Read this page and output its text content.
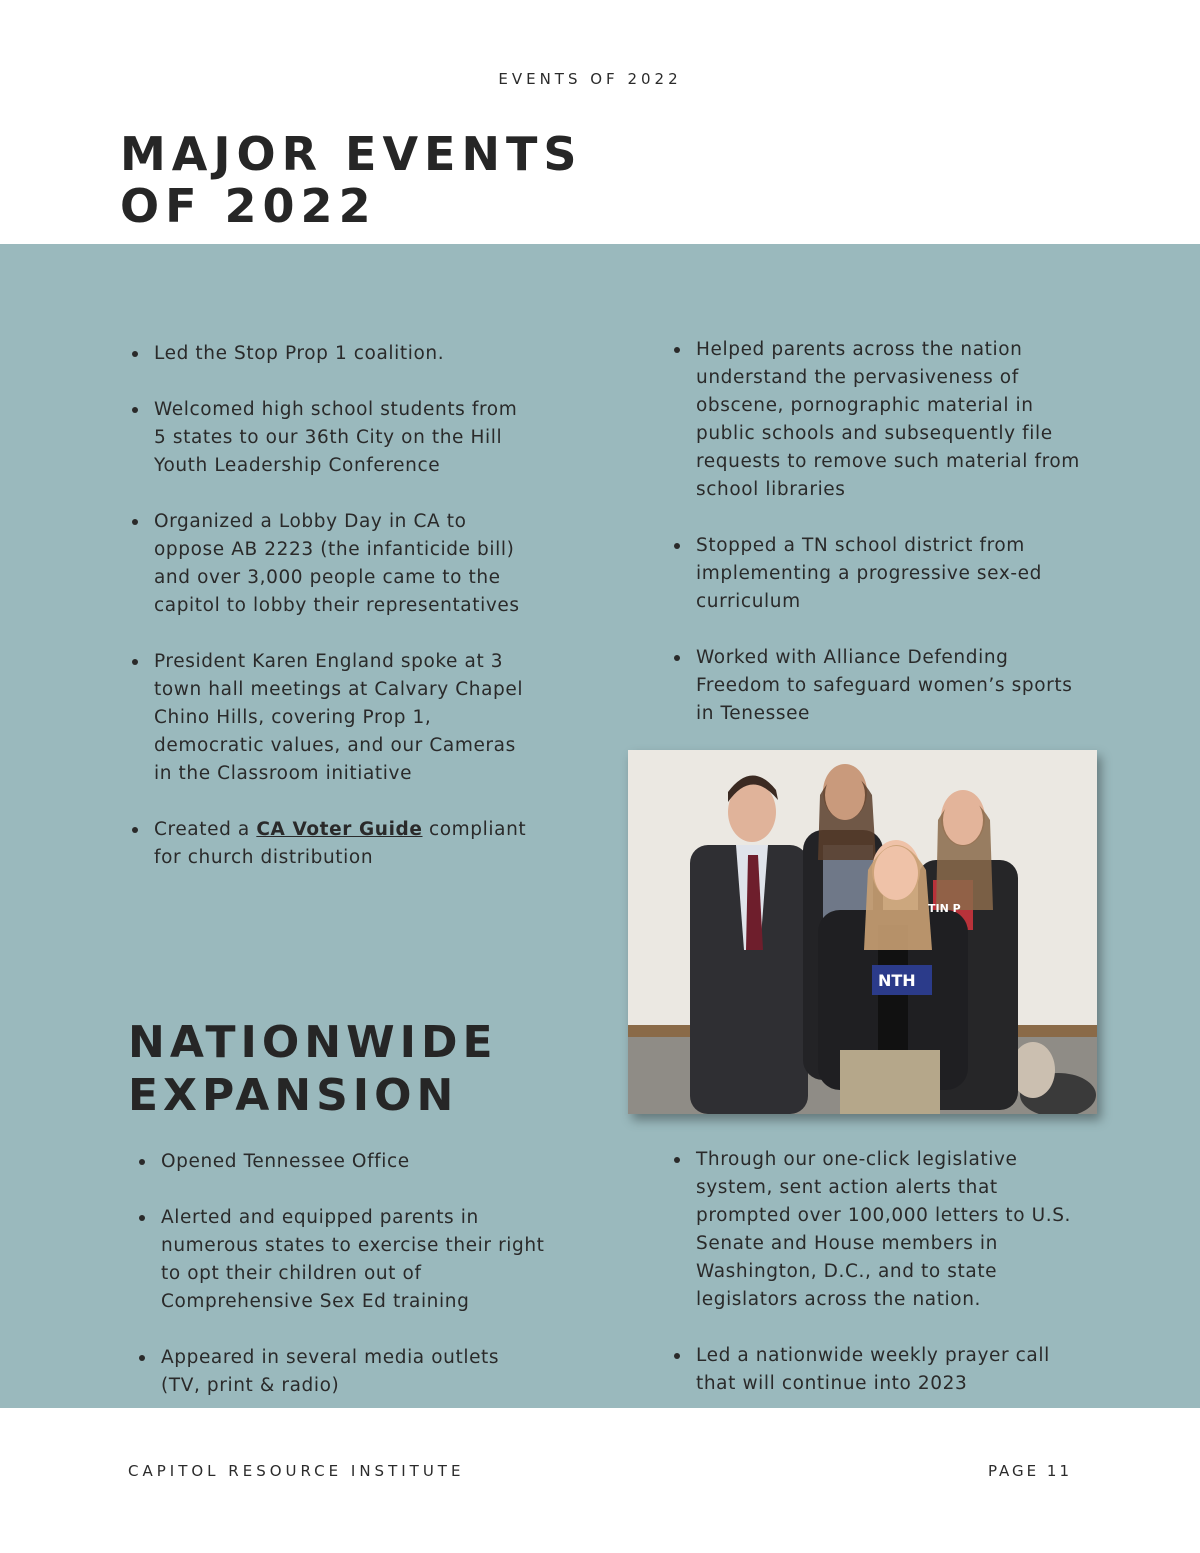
EVENTS OF 2022
MAJOR EVENTS
OF 2022
Led the Stop Prop 1 coalition.
Welcomed high school students from 5 states to our 36th City on the Hill Youth Leadership Conference
Organized a Lobby Day in CA to oppose AB 2223 (the infanticide bill) and over 3,000 people came to the capitol to lobby their representatives
President Karen England spoke at 3 town hall meetings at Calvary Chapel Chino Hills, covering Prop 1, democratic values, and our Cameras in the Classroom initiative
Created a CA Voter Guide compliant for church distribution
Helped parents across the nation understand the pervasiveness of obscene, pornographic material in public schools and subsequently file requests to remove such material from school libraries
Stopped a TN school district from implementing a progressive sex-ed curriculum
Worked with Alliance Defending Freedom to safeguard women’s sports in Tenessee
NTH
TIN P
NATIONWIDE
EXPANSION
Opened Tennessee Office
Alerted and equipped parents in numerous states to exercise their right to opt their children out of Comprehensive Sex Ed training
Appeared in several media outlets (TV, print & radio)
Through our one-click legislative system, sent action alerts that prompted over 100,000 letters to U.S. Senate and House members in Washington, D.C., and to state legislators across the nation.
Led a nationwide weekly prayer call that will continue into 2023
CAPITOL RESOURCE INSTITUTE	PAGE 11
